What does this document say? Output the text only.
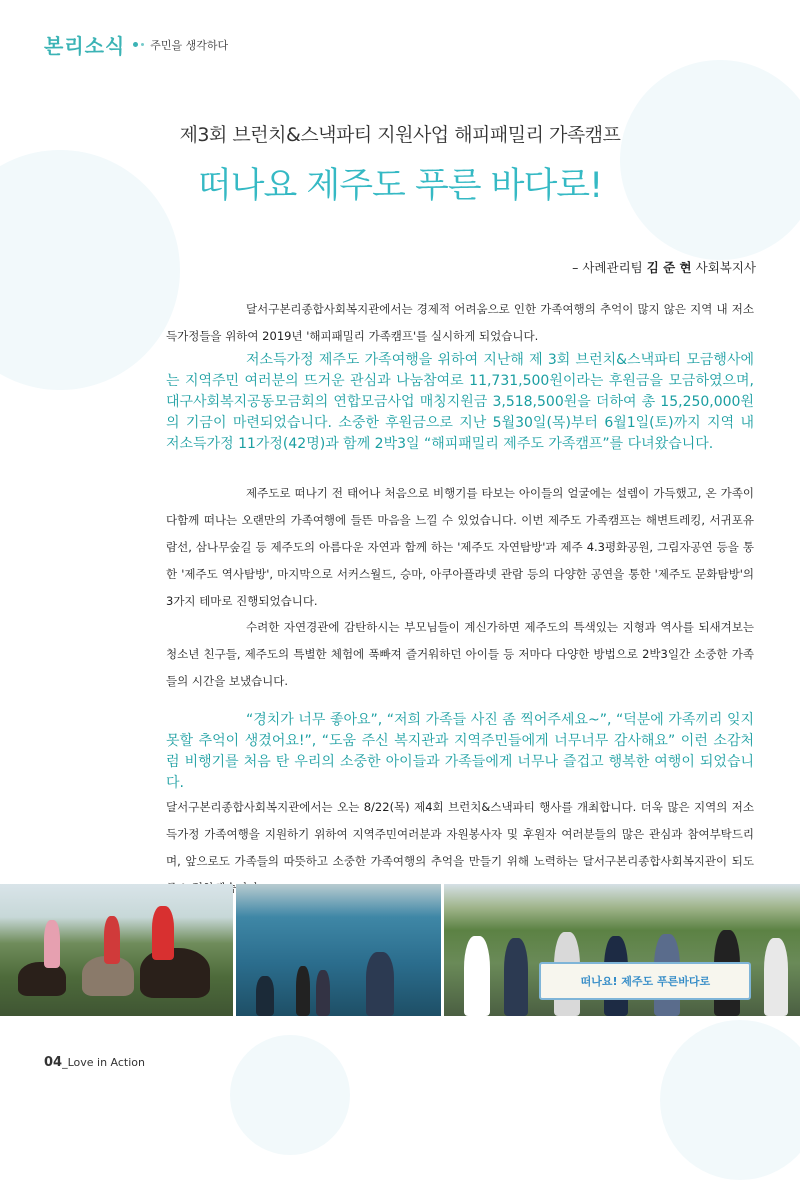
본리소식 주민을 생각하다
제3회 브런치&스낵파티 지원사업 해피패밀리 가족캠프
떠나요 제주도 푸른 바다로!
– 사례관리팀 김 준 현 사회복지사

달서구본리종합사회복지관에서는 경제적 어려움으로 인한 가족여행의 추억이 많지 않은 지역 내 저소득가정들을 위하여 2019년 '해피패밀리 가족캠프'를 실시하게 되었습니다.

저소득가정 제주도 가족여행을 위하여 지난해 제 3회 브런치&스낵파티 모금행사에는 지역주민 여러분의 뜨거운 관심과 나눔참여로 11,731,500원이라는 후원금을 모금하였으며, 대구사회복지공동모금회의 연합모금사업 매칭지원금 3,518,500원을 더하여 총 15,250,000원의 기금이 마련되었습니다. 소중한 후원금으로 지난 5월30일(목)부터 6월1일(토)까지 지역 내 저소득가정 11가정(42명)과 함께 2박3일 “해피패밀리 제주도 가족캠프”를 다녀왔습니다.

제주도로 떠나기 전 태어나 처음으로 비행기를 타보는 아이들의 얼굴에는 설렘이 가득했고, 온 가족이 다함께 떠나는 오랜만의 가족여행에 들뜬 마음을 느낄 수 있었습니다. 이번 제주도 가족캠프는 해변트레킹, 서귀포유람선, 삼나무숲길 등 제주도의 아름다운 자연과 함께 하는 '제주도 자연탐방'과 제주 4.3평화공원, 그림자공연 등을 통한 '제주도 역사탐방', 마지막으로 서커스월드, 승마, 아쿠아플라넷 관람 등의 다양한 공연을 통한 '제주도 문화탐방'의 3가지 테마로 진행되었습니다.

수려한 자연경관에 감탄하시는 부모님들이 계신가하면 제주도의 특색있는 지형과 역사를 되새겨보는 청소년 친구들, 제주도의 특별한 체험에 푹빠져 즐거워하던 아이들 등 저마다 다양한 방법으로 2박3일간 소중한 가족들의 시간을 보냈습니다.

“경치가 너무 좋아요”, “저희 가족들 사진 좀 찍어주세요~”, “덕분에 가족끼리 잊지 못할 추억이 생겼어요!”, “도움 주신 복지관과 지역주민들에게 너무너무 감사해요” 이런 소감처럼 비행기를 처음 탄 우리의 소중한 아이들과 가족들에게 너무나 즐겁고 행복한 여행이 되었습니다.

달서구본리종합사회복지관에서는 오는 8/22(목) 제4회 브런치&스낵파티 행사를 개최합니다. 더욱 많은 지역의 저소득가정 가족여행을 지원하기 위하여 지역주민여러분과 자원봉사자 및 후원자 여러분들의 많은 관심과 참여부탁드리며, 앞으로도 가족들의 따뜻하고 소중한 가족여행의 추억을 만들기 위해 노력하는 달서구본리종합사회복지관이 되도

떠나요! 제주도 푸른바다로
04_Love in Action
